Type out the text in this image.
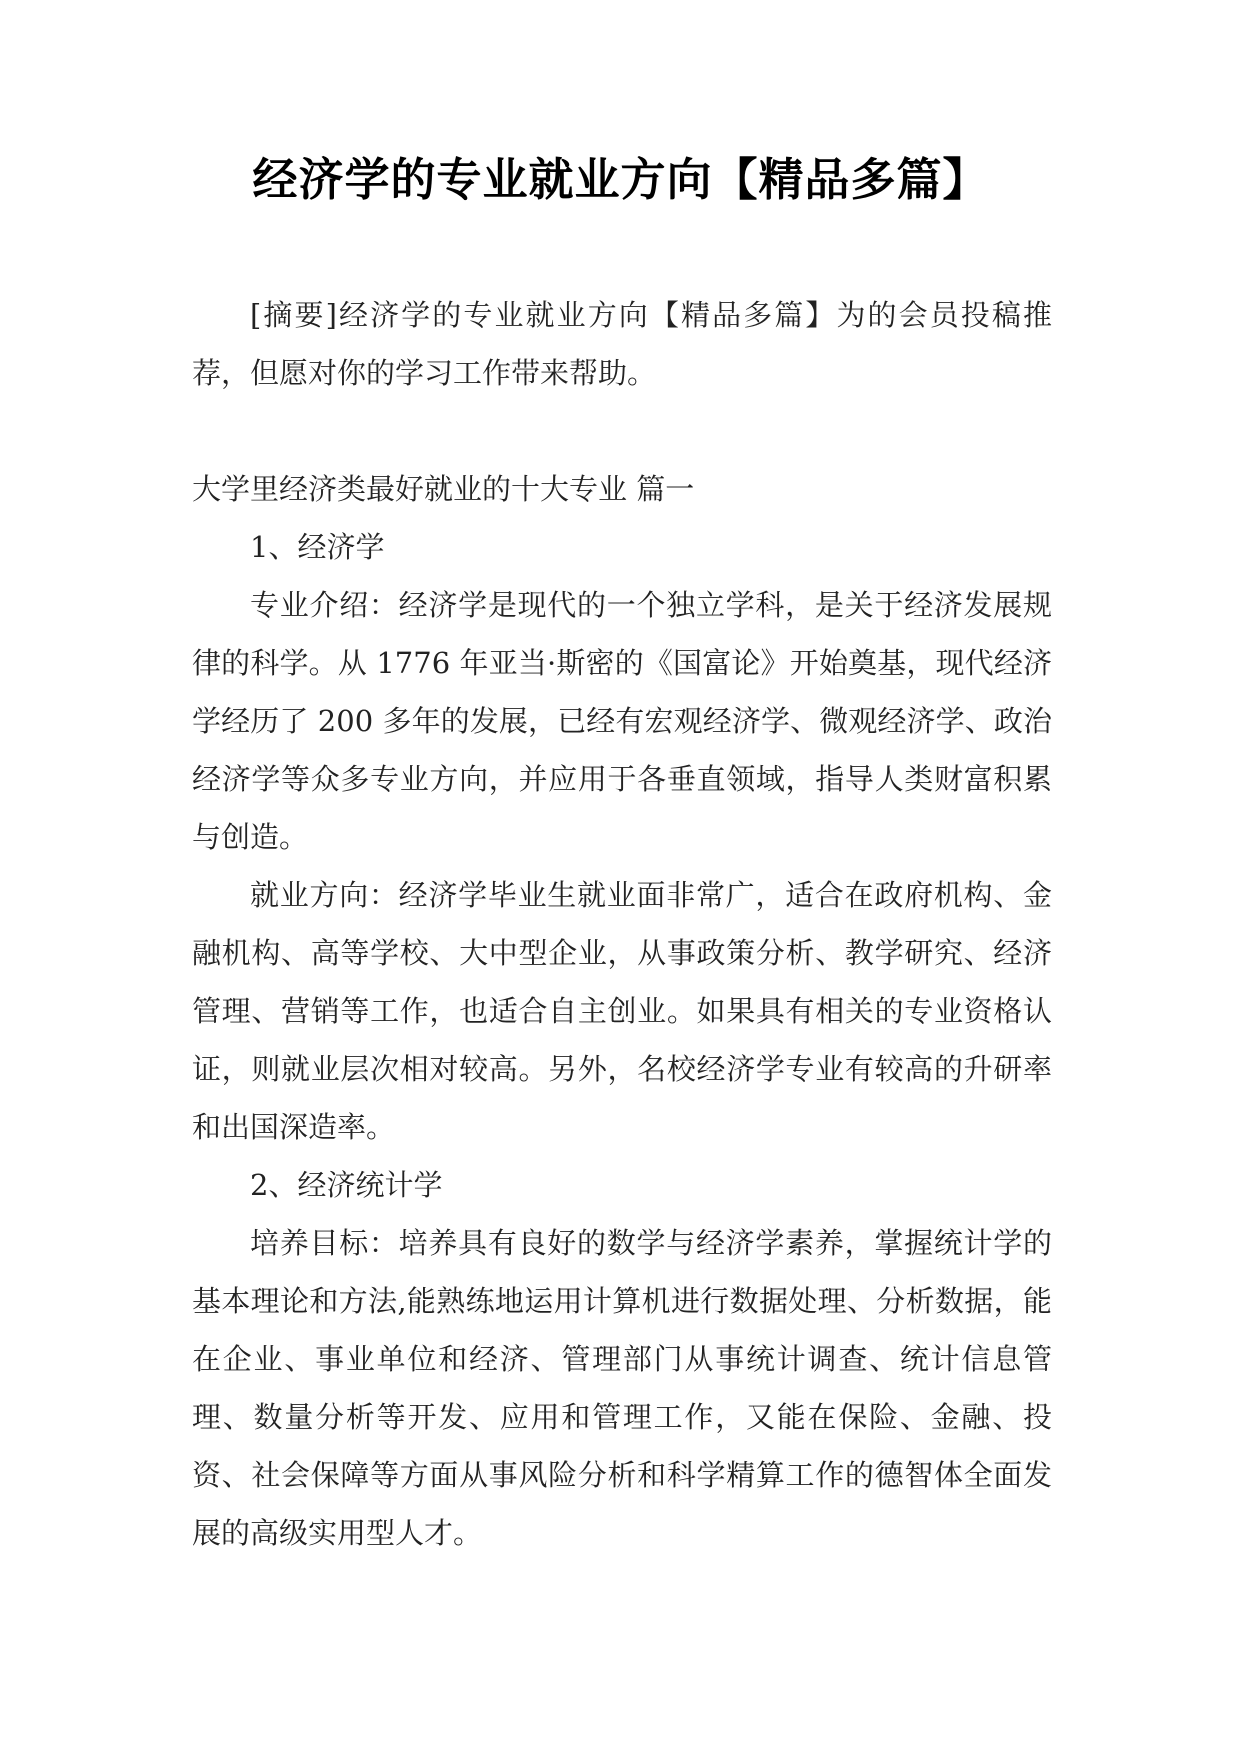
经济学的专业就业方向【精品多篇】

[摘要]经济学的专业就业方向【精品多篇】为的会员投稿推荐，但愿对你的学习工作带来帮助。

大学里经济类最好就业的十大专业 篇一

1、经济学

专业介绍：经济学是现代的一个独立学科，是关于经济发展规律的科学。从 1776 年亚当·斯密的《国富论》开始奠基，现代经济学经历了 200 多年的发展，已经有宏观经济学、微观经济学、政治经济学等众多专业方向，并应用于各垂直领域，指导人类财富积累与创造。

就业方向：经济学毕业生就业面非常广，适合在政府机构、金融机构、高等学校、大中型企业，从事政策分析、教学研究、经济管理、营销等工作，也适合自主创业。如果具有相关的专业资格认证，则就业层次相对较高。另外，名校经济学专业有较高的升研率和出国深造率。

2、经济统计学

培养目标：培养具有良好的数学与经济学素养，掌握统计学的基本理论和方法,能熟练地运用计算机进行数据处理、分析数据，能在企业、事业单位和经济、管理部门从事统计调查、统计信息管理、数量分析等开发、应用和管理工作，又能在保险、金融、投资、社会保障等方面从事风险分析和科学精算工作的德智体全面发展的高级实用型人才。
